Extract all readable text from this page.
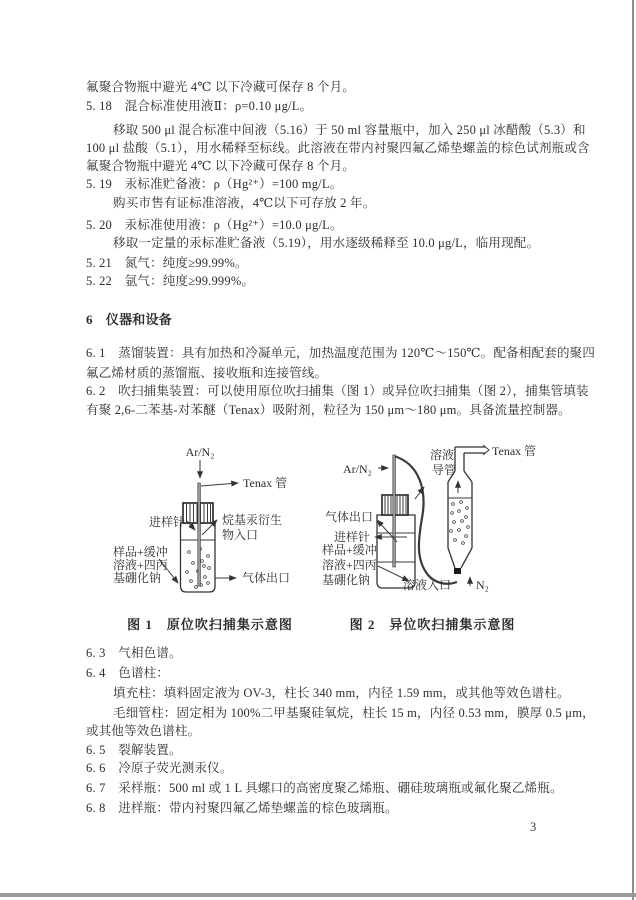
氟聚合物瓶中避光 4℃ 以下冷藏可保存 8 个月。
5. 18　混合标准使用液Ⅱ：ρ=0.10 μg/L。
移取 500 μl 混合标准中间液（5.16）于 50 ml 容量瓶中，加入 250 μl 冰醋酸（5.3）和
100 μl 盐酸（5.1），用水稀释至标线。此溶液在带内衬聚四氟乙烯垫螺盖的棕色试剂瓶或含
氟聚合物瓶中避光 4℃ 以下冷藏可保存 8 个月。
5. 19　汞标准贮备液：ρ（Hg²⁺）=100 mg/L。
购买市售有证标准溶液，4℃以下可存放 2 年。
5. 20　汞标准使用液：ρ（Hg²⁺）=10.0 μg/L。
移取一定量的汞标准贮备液（5.19），用水逐级稀释至 10.0 μg/L，临用现配。
5. 21　氮气：纯度≥99.99%。
5. 22　氩气：纯度≥99.999%。
6　仪器和设备
6. 1　蒸馏装置：具有加热和冷凝单元，加热温度范围为 120℃～150℃。配备相配套的聚四
氟乙烯材质的蒸馏瓶、接收瓶和连接管线。
6. 2　吹扫捕集装置：可以使用原位吹扫捕集（图 1）或异位吹扫捕集（图 2），捕集管填装
有聚 2,6-二苯基-对苯醚（Tenax）吸附剂，粒径为 150 μm～180 μm。具备流量控制器。
6. 3　气相色谱。
6. 4　色谱柱：
填充柱：填料固定液为 OV-3，柱长 340 mm，内径 1.59 mm，或其他等效色谱柱。
毛细管柱：固定相为 100%二甲基聚硅氧烷，柱长 15 m，内径 0.53 mm，膜厚 0.5 μm，
或其他等效色谱柱。
6. 5　裂解装置。
6. 6　冷原子荧光测汞仪。
6. 7　采样瓶：500 ml 或 1 L 具螺口的高密度聚乙烯瓶、硼硅玻璃瓶或氟化聚乙烯瓶。
6. 8　进样瓶：带内衬聚四氟乙烯垫螺盖的棕色玻璃瓶。
Ar/N₂
Tenax 管
进样针	烷基汞衍生
物入口
样品+缓冲
溶液+四丙
基硼化钠	气体出口
图 1　原位吹扫捕集示意图
溶液
导管
Ar/N₂
气体出口
进样针
样品+缓冲
溶液+四丙
基硼化钠
Tenax 管
溶液入口 N₂
图 2　异位吹扫捕集示意图
3
